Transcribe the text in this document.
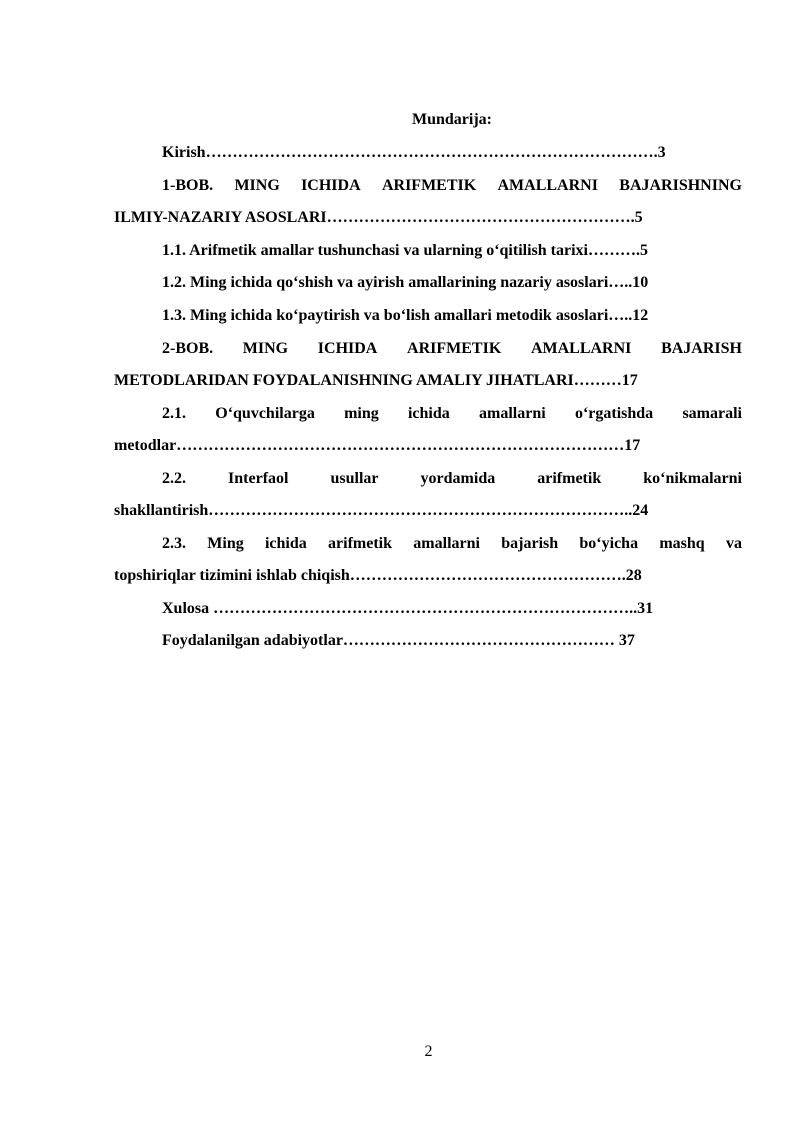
Mundarija:
Kirish………………………………………………………………………….3
1-BOB. MING ICHIDA ARIFMETIK AMALLARNI BAJARISHNING
ILMIY-NAZARIY ASOSLARI………………………………………………….5
1.1. Arifmetik amallar tushunchasi va ularning o‘qitilish tarixi……….5
1.2. Ming ichida qo‘shish va ayirish amallarining nazariy asoslari…..10
1.3. Ming ichida ko‘paytirish va bo‘lish amallari metodik asoslari…..12
2-BOB. MING ICHIDA ARIFMETIK AMALLARNI BAJARISH
METODLARIDAN FOYDALANISHNING AMALIY JIHATLARI………17
2.1. O‘quvchilarga ming ichida amallarni o‘rgatishda samarali
metodlar…………………………………………………………………………17
2.2.	Interfaol	usullar	yordamida	arifmetik	ko‘nikmalarni
shakllantirish……………………………………………………………………..24
2.3. Ming ichida arifmetik amallarni bajarish bo‘yicha mashq va
topshiriqlar tizimini ishlab chiqish…………………………………………….28
Xulosa ……………………………………………………………………..31
Foydalanilgan adabiyotlar…………………………………………… 37
2
